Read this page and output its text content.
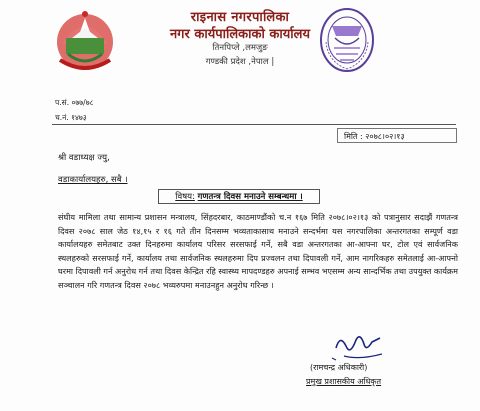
राइनास नगरपालिका
नगर कार्यपालिकाको कार्यालय
तिनपिप्ले ,लमजुङ
गण्डकी प्रदेश ,नेपाल |
प.सं. ०७७/७८
च.नं. १४७३
मिति : २०७८।०२।१३
श्री वडाध्यक्ष ज्यु,
वडाकार्यालयहरु, सबै ।
विषय: गणतन्त्र दिवस मनाउने सम्बन्धमा ।
संघीय मामिला तथा सामान्य प्रशासन मन्त्रालय, सिंहदरबार, काठमाण्डौंको च.न १६७ मिति २०७८।०२।१३ को पत्रानुसार सदाझैं गणतन्त्र दिवस २०७८ साल जेठ १४,१५ र १६ गते तीन दिनसम्म भव्यताकासाथ मनाउने सन्दर्भमा यस नगरपालिका अन्तरगतका सम्पूर्ण वडा कार्यालयहरु समेतबाट उक्त दिनहरुमा कार्यालय परिसर सरसफाई गर्ने, सबै वडा अन्तरगतका आ-आफ्ना घर, टोल एवं सार्वजनिक स्थलहरुको सरसफाई गर्ने, कार्यालय तथा सार्वजनिक स्थलहरुमा दिप प्रज्वलन तथा दिपावली गर्ने, आम नागरिकहरु समेतलाई आ-आफ्नो घरमा दिपावली गर्न अनुरोध गर्न तथा दिवस केन्द्रित रहि स्वास्थ्य मापदण्डहरु अपनाई सम्भव भएसम्म अन्य सान्दर्भिक तथा उपयुक्त कार्यक्रम सञ्चालन गरि गणतन्त्र दिवस २०७८ भव्यरुपमा मनाउनहुन अनुरोध गरिन्छ ।
(रामचन्द्र अधिकारी)
प्रमुख प्रशासकीय अधिकृत
